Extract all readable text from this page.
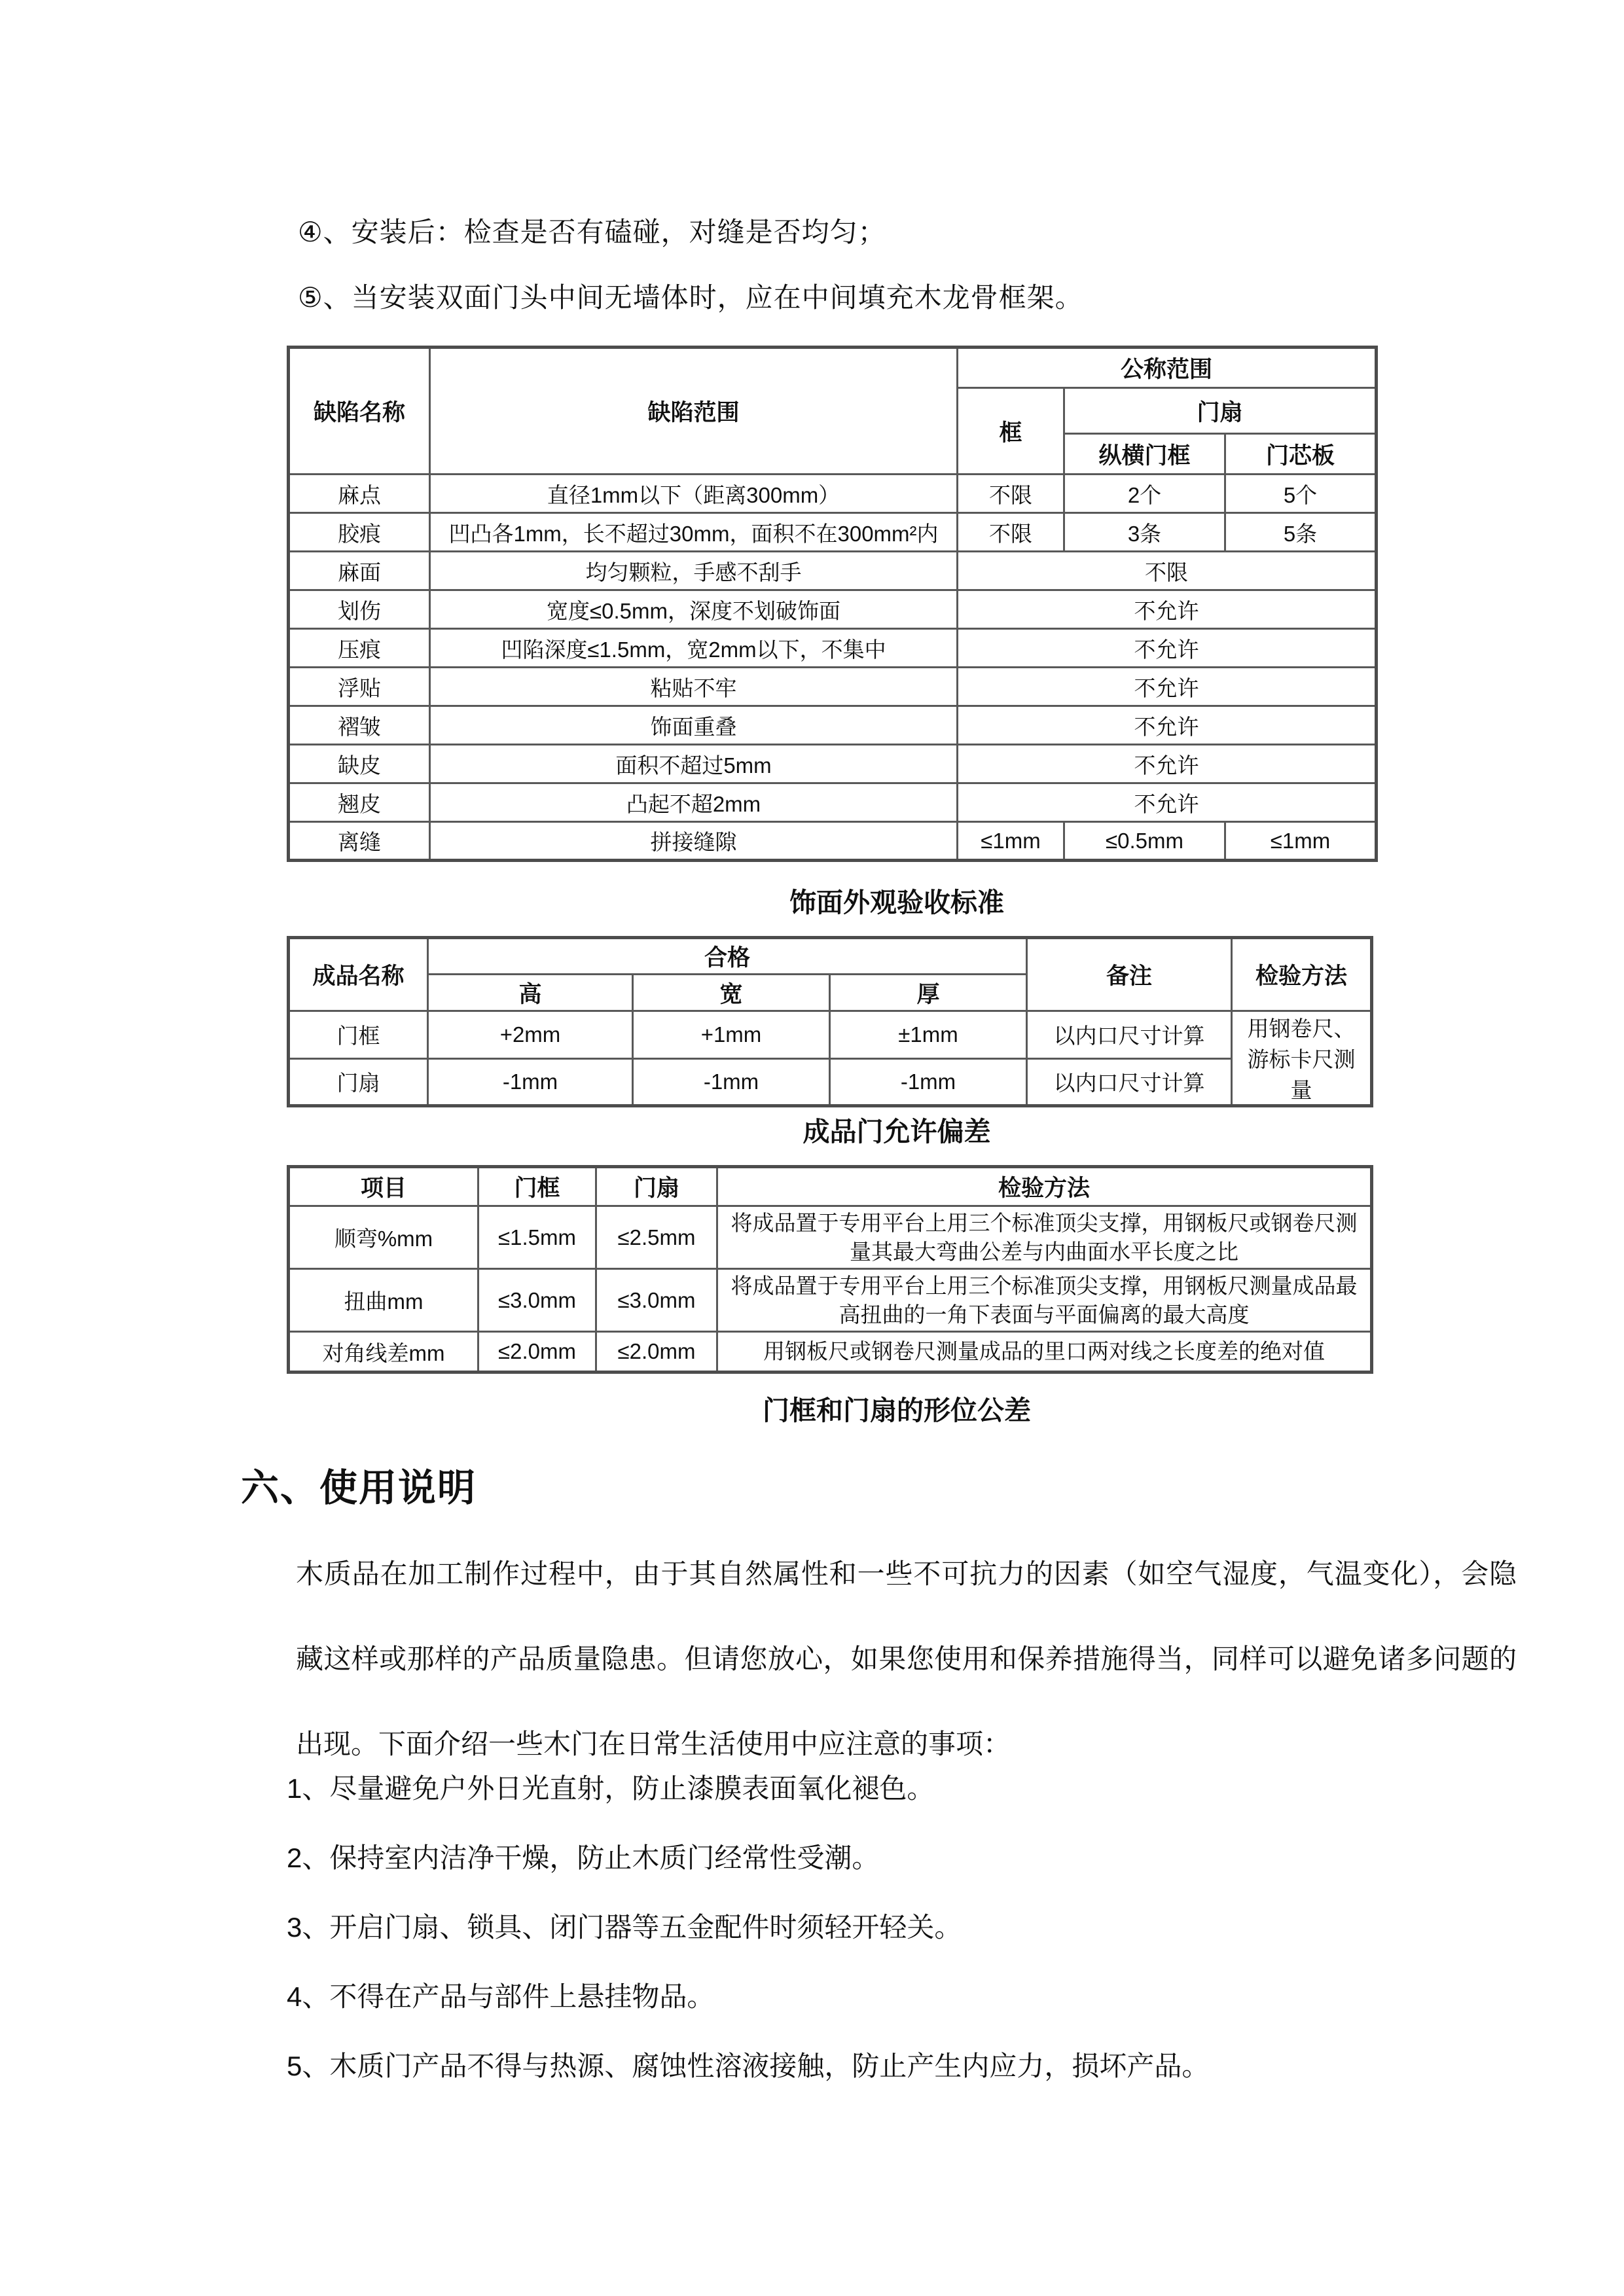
④、安装后：检查是否有磕碰，对缝是否均匀；
⑤、当安装双面门头中间无墙体时，应在中间填充木龙骨框架。
缺陷名称	缺陷范围	公称范围		
		框	门扇	
			纵横门框	门芯板
麻点	直径1mm以下（距离300mm）	不限	2个	5个
胶痕	凹凸各1mm，长不超过30mm，面积不在300mm²内	不限	3条	5条
麻面	均匀颗粒，手感不刮手	不限		
划伤	宽度≤0.5mm，深度不划破饰面	不允许		
压痕	凹陷深度≤1.5mm，宽2mm以下，不集中	不允许		
浮贴	粘贴不牢	不允许		
褶皱	饰面重叠	不允许		
缺皮	面积不超过5mm	不允许		
翘皮	凸起不超2mm	不允许		
离缝	拼接缝隙	≤1mm	≤0.5mm	≤1mm
饰面外观验收标准
成品名称	合格			备注	检验方法
	高	宽	厚		
门框	+2mm	+1mm	±1mm	以内口尺寸计算	用钢卷尺、游标卡尺测量
门扇	-1mm	-1mm	-1mm	以内口尺寸计算	
成品门允许偏差
项目	门框	门扇	检验方法
顺弯%mm	≤1.5mm	≤2.5mm	将成品置于专用平台上用三个标准顶尖支撑，用钢板尺或钢卷尺测量其最大弯曲公差与内曲面水平长度之比
扭曲mm	≤3.0mm	≤3.0mm	将成品置于专用平台上用三个标准顶尖支撑，用钢板尺测量成品最高扭曲的一角下表面与平面偏离的最大高度
对角线差mm	≤2.0mm	≤2.0mm	用钢板尺或钢卷尺测量成品的里口两对线之长度差的绝对值
门框和门扇的形位公差
六、使用说明
木质品在加工制作过程中，由于其自然属性和一些不可抗力的因素（如空气湿度，气温变化），会隐藏这样或那样的产品质量隐患。但请您放心，如果您使用和保养措施得当，同样可以避免诸多问题的出现。下面介绍一些木门在日常生活使用中应注意的事项：
1、尽量避免户外日光直射，防止漆膜表面氧化褪色。
2、保持室内洁净干燥，防止木质门经常性受潮。
3、开启门扇、锁具、闭门器等五金配件时须轻开轻关。
4、不得在产品与部件上悬挂物品。
5、木质门产品不得与热源、腐蚀性溶液接触，防止产生内应力，损坏产品。
